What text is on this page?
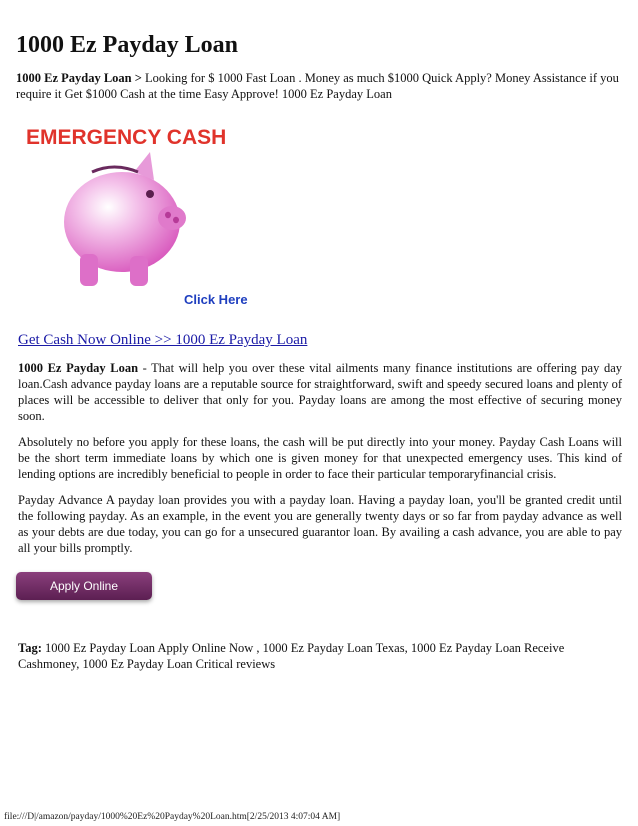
1000 Ez Payday Loan

1000 Ez Payday Loan > Looking for $ 1000 Fast Loan . Money as much $1000 Quick Apply? Money Assistance if you require it Get $1000 Cash at the time Easy Approve! 1000 Ez Payday Loan

EMERGENCY CASH
Click Here
Get Cash Now Online >> 1000 Ez Payday Loan

1000 Ez Payday Loan - That will help you over these vital ailments many finance institutions are offering pay day loan.Cash advance payday loans are a reputable source for straightforward, swift and speedy secured loans and plenty of places will be accessible to deliver that only for you. Payday loans are among the most effective of securing money soon.

Absolutely no before you apply for these loans, the cash will be put directly into your money. Payday Cash Loans will be the short term immediate loans by which one is given money for that unexpected emergency uses. This kind of lending options are incredibly beneficial to people in order to face their particular temporaryfinancial crisis.

Payday Advance A payday loan provides you with a payday loan. Having a payday loan, you'll be granted credit until the following payday. As an example, in the event you are generally twenty days or so far from payday advance as well as your debts are due today, you can go for a unsecured guarantor loan. By availing a cash advance, you are able to pay all your bills promptly.

Apply Online

Tag: 1000 Ez Payday Loan Apply Online Now , 1000 Ez Payday Loan Texas, 1000 Ez Payday Loan Receive Cashmoney, 1000 Ez Payday Loan Critical reviews

file:///D|/amazon/payday/1000%20Ez%20Payday%20Loan.htm[2/25/2013 4:07:04 AM]
